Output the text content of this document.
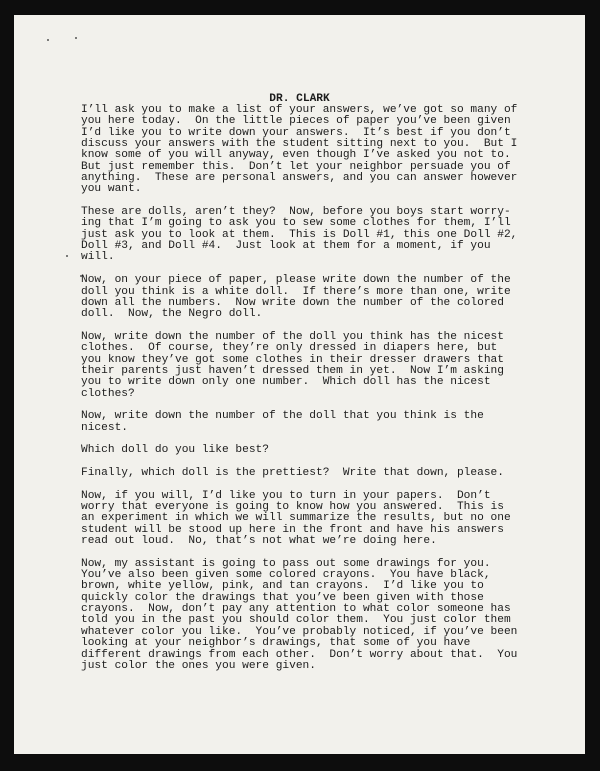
DR. CLARK

I’ll ask you to make a list of your answers, we’ve got so many of
you here today.  On the little pieces of paper you’ve been given
I’d like you to write down your answers.  It’s best if you don’t
discuss your answers with the student sitting next to you.  But I
know some of you will anyway, even though I’ve asked you not to.
But just remember this.  Don’t let your neighbor persuade you of
anything.  These are personal answers, and you can answer however
you want.

These are dolls, aren’t they?  Now, before you boys start worry-
ing that I’m going to ask you to sew some clothes for them, I’ll
just ask you to look at them.  This is Doll #1, this one Doll #2,
Doll #3, and Doll #4.  Just look at them for a moment, if you
will.

Now, on your piece of paper, please write down the number of the
doll you think is a white doll.  If there’s more than one, write
down all the numbers.  Now write down the number of the colored
doll.  Now, the Negro doll.

Now, write down the number of the doll you think has the nicest
clothes.  Of course, they’re only dressed in diapers here, but
you know they’ve got some clothes in their dresser drawers that
their parents just haven’t dressed them in yet.  Now I’m asking
you to write down only one number.  Which doll has the nicest
clothes?

Now, write down the number of the doll that you think is the
nicest.

Which doll do you like best?

Finally, which doll is the prettiest?  Write that down, please.

Now, if you will, I’d like you to turn in your papers.  Don’t
worry that everyone is going to know how you answered.  This is
an experiment in which we will summarize the results, but no one
student will be stood up here in the front and have his answers
read out loud.  No, that’s not what we’re doing here.

Now, my assistant is going to pass out some drawings for you.
You’ve also been given some colored crayons.  You have black,
brown, white yellow, pink, and tan crayons.  I’d like you to
quickly color the drawings that you’ve been given with those
crayons.  Now, don’t pay any attention to what color someone has
told you in the past you should color them.  You just color them
whatever color you like.  You’ve probably noticed, if you’ve been
looking at your neighbor’s drawings, that some of you have
different drawings from each other.  Don’t worry about that.  You
just color the ones you were given.
